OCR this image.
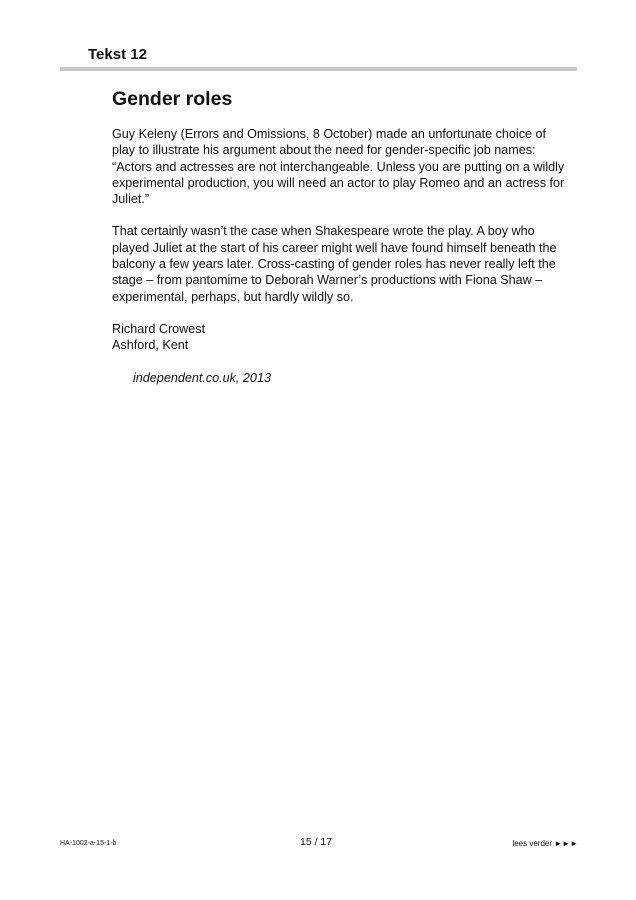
Tekst 12
Gender roles

Guy Keleny (Errors and Omissions, 8 October) made an unfortunate choice of play to illustrate his argument about the need for gender-specific job names: “Actors and actresses are not interchangeable. Unless you are putting on a wildly experimental production, you will need an actor to play Romeo and an actress for Juliet.”

That certainly wasn’t the case when Shakespeare wrote the play. A boy who played Juliet at the start of his career might well have found himself beneath the balcony a few years later. Cross-casting of gender roles has never really left the stage – from pantomime to Deborah Warner’s productions with Fiona Shaw – experimental, perhaps, but hardly wildly so.

Richard Crowest

Ashford, Kent

independent.co.uk, 2013

HA-1002-a-15-1-b	15 / 17	lees verder ►►►
